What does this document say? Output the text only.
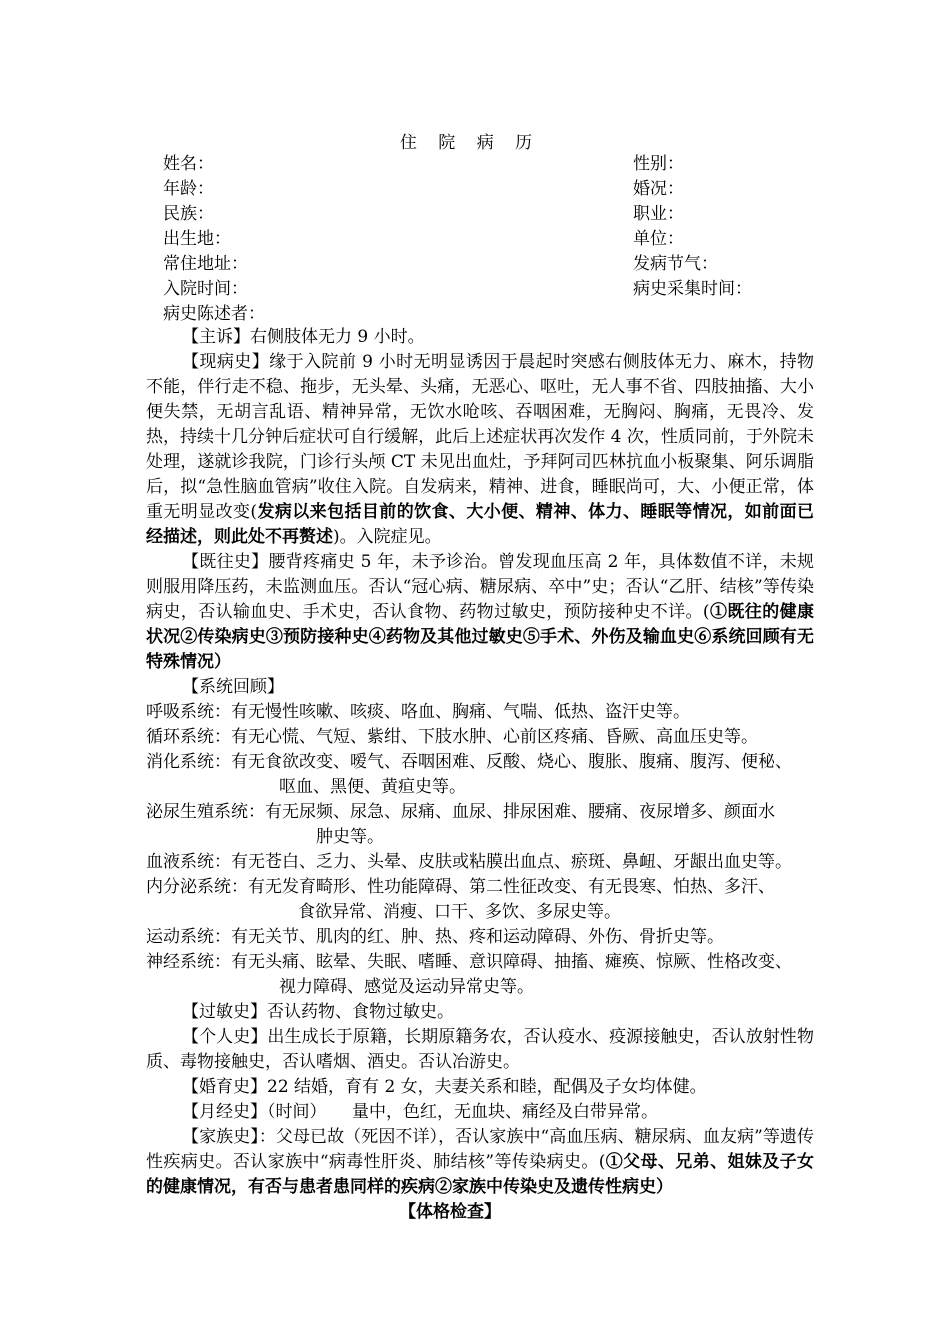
住 院 病 历
姓名：	性别：
年龄：	婚况：
民族：	职业：
出生地：	单位：
常住地址：	发病节气：
入院时间：	病史采集时间：
病史陈述者：

【主诉】右侧肢体无力 9 小时。

【现病史】缘于入院前 9 小时无明显诱因于晨起时突感右侧肢体无力、麻木，持物不能，伴行走不稳、拖步，无头晕、头痛，无恶心、呕吐，无人事不省、四肢抽搐、大小便失禁，无胡言乱语、精神异常，无饮水呛咳、吞咽困难，无胸闷、胸痛，无畏冷、发热，持续十几分钟后症状可自行缓解，此后上述症状再次发作 4 次，性质同前，于外院未处理，遂就诊我院，门诊行头颅 CT 未见出血灶，予拜阿司匹林抗血小板聚集、阿乐调脂后，拟“急性脑血管病”收住入院。自发病来，精神、进食，睡眠尚可，大、小便正常，体重无明显改变(发病以来包括目前的饮食、大小便、精神、体力、睡眠等情况，如前面已经描述，则此处不再赘述)。入院症见。

【既往史】腰背疼痛史 5 年，未予诊治。曾发现血压高 2 年，具体数值不详，未规则服用降压药，未监测血压。否认“冠心病、糖尿病、卒中”史；否认“乙肝、结核”等传染病史，否认输血史、手术史，否认食物、药物过敏史，预防接种史不详。(①既往的健康状况②传染病史③预防接种史④药物及其他过敏史⑤手术、外伤及输血史⑥系统回顾有无特殊情况）

【系统回顾】

呼吸系统：有无慢性咳嗽、咳痰、咯血、胸痛、气喘、低热、盗汗史等。

循环系统：有无心慌、气短、紫绀、下肢水肿、心前区疼痛、昏厥、高血压史等。

消化系统：有无食欲改变、嗳气、吞咽困难、反酸、烧心、腹胀、腹痛、腹泻、便秘、
呕血、黑便、黄疸史等。

泌尿生殖系统：有无尿频、尿急、尿痛、血尿、排尿困难、腰痛、夜尿增多、颜面水
肿史等。

血液系统：有无苍白、乏力、头晕、皮肤或粘膜出血点、瘀斑、鼻衄、牙龈出血史等。

内分泌系统：有无发育畸形、性功能障碍、第二性征改变、有无畏寒、怕热、多汗、
食欲异常、消瘦、口干、多饮、多尿史等。

运动系统：有无关节、肌肉的红、肿、热、疼和运动障碍、外伤、骨折史等。

神经系统：有无头痛、眩晕、失眠、嗜睡、意识障碍、抽搐、瘫痪、惊厥、性格改变、
视力障碍、感觉及运动异常史等。

【过敏史】否认药物、食物过敏史。

【个人史】出生成长于原籍，长期原籍务农，否认疫水、疫源接触史，否认放射性物质、毒物接触史，否认嗜烟、酒史。否认冶游史。

【婚育史】22 结婚，育有 2 女，夫妻关系和睦，配偶及子女均体健。

【月经史】（时间）　　量中，色红，无血块、痛经及白带异常。

【家族史】：父母已故（死因不详），否认家族中“高血压病、糖尿病、血友病”等遗传性疾病史。否认家族中“病毒性肝炎、肺结核”等传染病史。(①父母、兄弟、姐妹及子女的健康情况，有否与患者患同样的疾病②家族中传染史及遗传性病史）

【体格检查】
